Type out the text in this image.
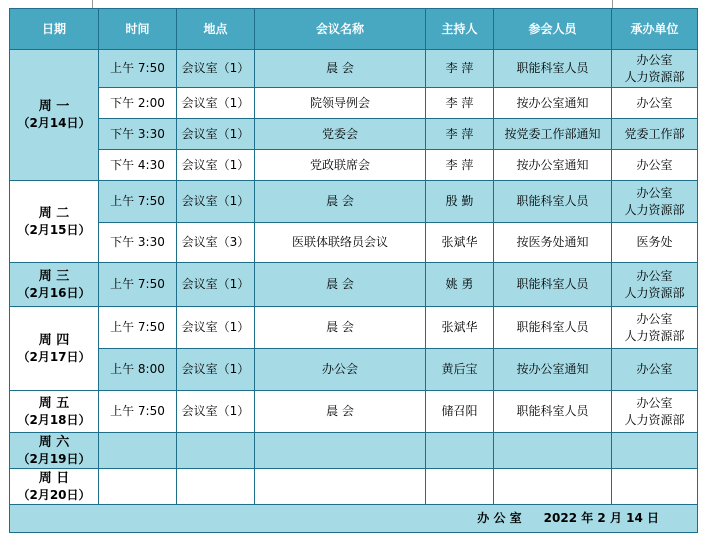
日期	时间	地点	会议名称	主持人	参会人员	承办单位

周 一
（2月14日）	上午 7:50	会议室（1）	晨 会	李 萍	职能科室人员	办公室
人力资源部

	下午 2:00	会议室（1）	院领导例会	李 萍	按办公室通知	办公室

	下午 3:30	会议室（1）	党委会	李 萍	按党委工作部通知	党委工作部

	下午 4:30	会议室（1）	党政联席会	李 萍	按办公室通知	办公室

周 二
（2月15日）	上午 7:50	会议室（1）	晨 会	殷 勤	职能科室人员	办公室
人力资源部

	下午 3:30	会议室（3）	医联体联络员会议	张斌华	按医务处通知	医务处

周 三
（2月16日）	上午 7:50	会议室（1）	晨 会	姚 勇	职能科室人员	办公室
人力资源部

周 四
（2月17日）	上午 7:50	会议室（1）	晨 会	张斌华	职能科室人员	办公室
人力资源部

	上午 8:00	会议室（1）	办公会	黄后宝	按办公室通知	办公室

周 五
（2月18日）	上午 7:50	会议室（1）	晨 会	储召阳	职能科室人员	办公室
人力资源部

周 六
（2月19日）						

周 日
（2月20日）						

办 公 室 2022 年 2 月 14 日						
